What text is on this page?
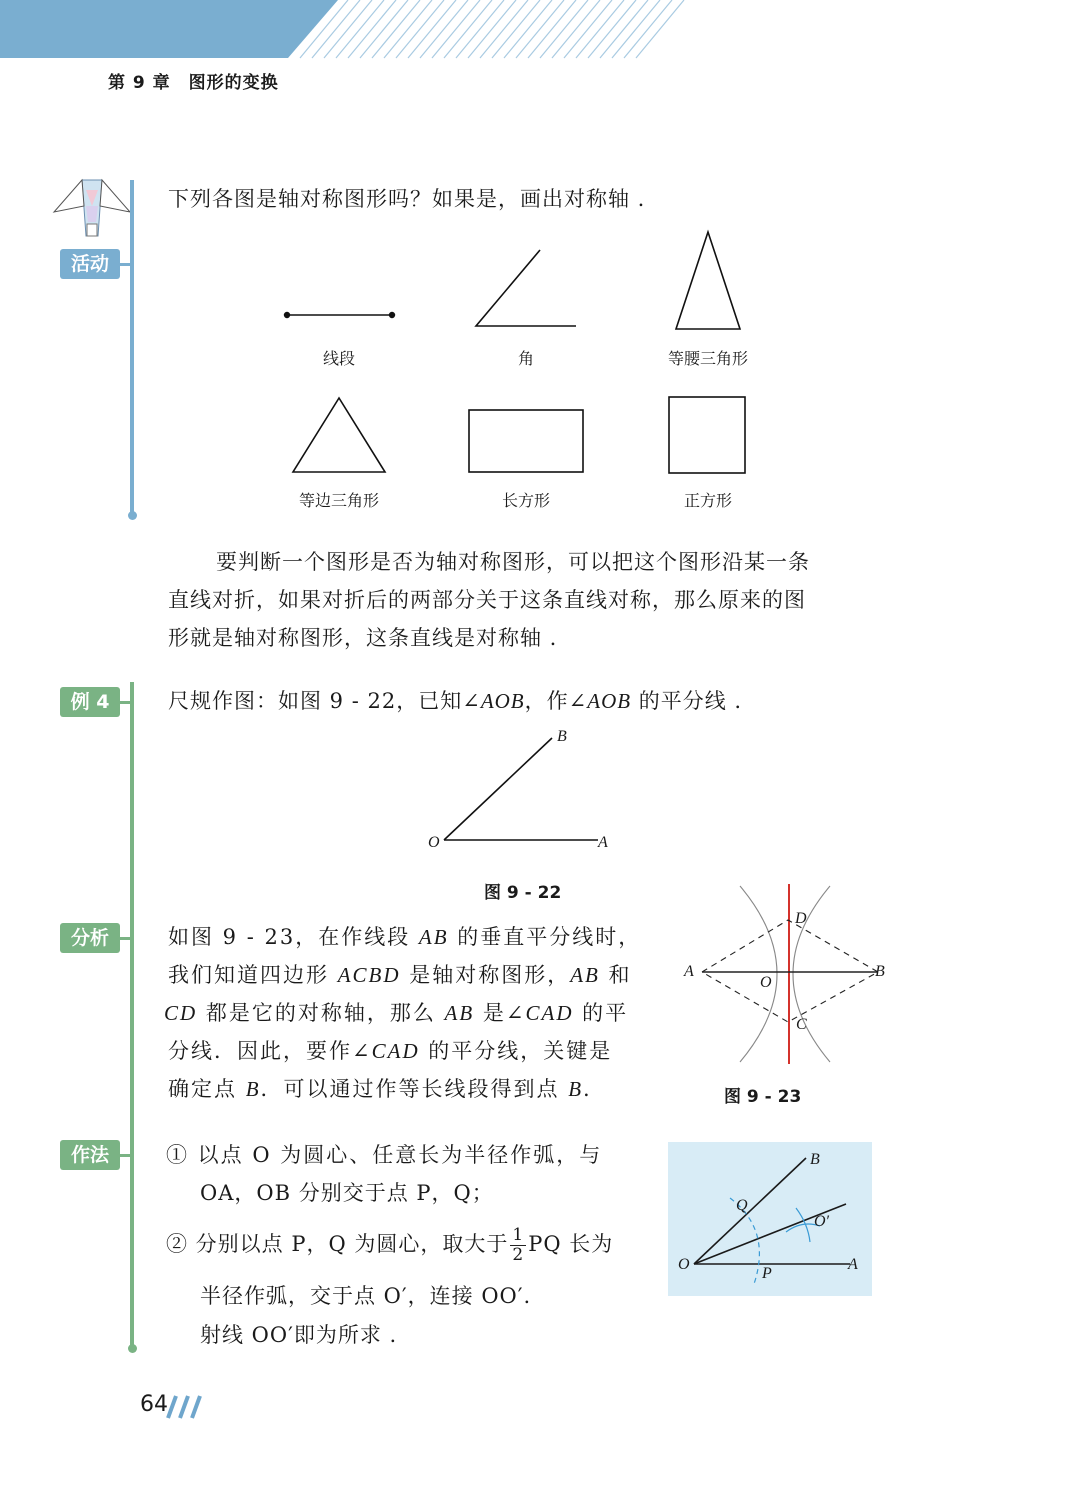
第 9 章　图形的变换
活动
下列各图是轴对称图形吗？如果是，画出对称轴 .
线段	角	等腰三角形
等边三角形	长方形	正方形
要判断一个图形是否为轴对称图形，可以把这个图形沿某一条
直线对折，如果对折后的两部分关于这条直线对称，那么原来的图
形就是轴对称图形，这条直线是对称轴 .
例 4	尺规作图：如图 9 - 22，已知∠AOB，作∠AOB 的平分线 .
O	A
B
图 9 - 22
分析	如图 9 - 23，在作线段 AB 的垂直平分线时，
我们知道四边形 ACBD 是轴对称图形，AB 和
CD 都是它的对称轴，那么 AB 是∠CAD 的平
分线．因此，要作∠CAD 的平分线，关键是
确定点 B．可以通过作等长线段得到点 B.
A	B
C
D
O
图 9 - 23
作法	① 以点 O 为圆心、任意长为半径作弧，与
OA，OB 分别交于点 P，Q；
② 分别以点 P，Q 为圆心，取大于 $\frac{1}{2}$ PQ 长为
半径作弧，交于点 O′，连接 OO′.
射线 OO′即为所求 .
O	A
B
P
Q
O′
64
